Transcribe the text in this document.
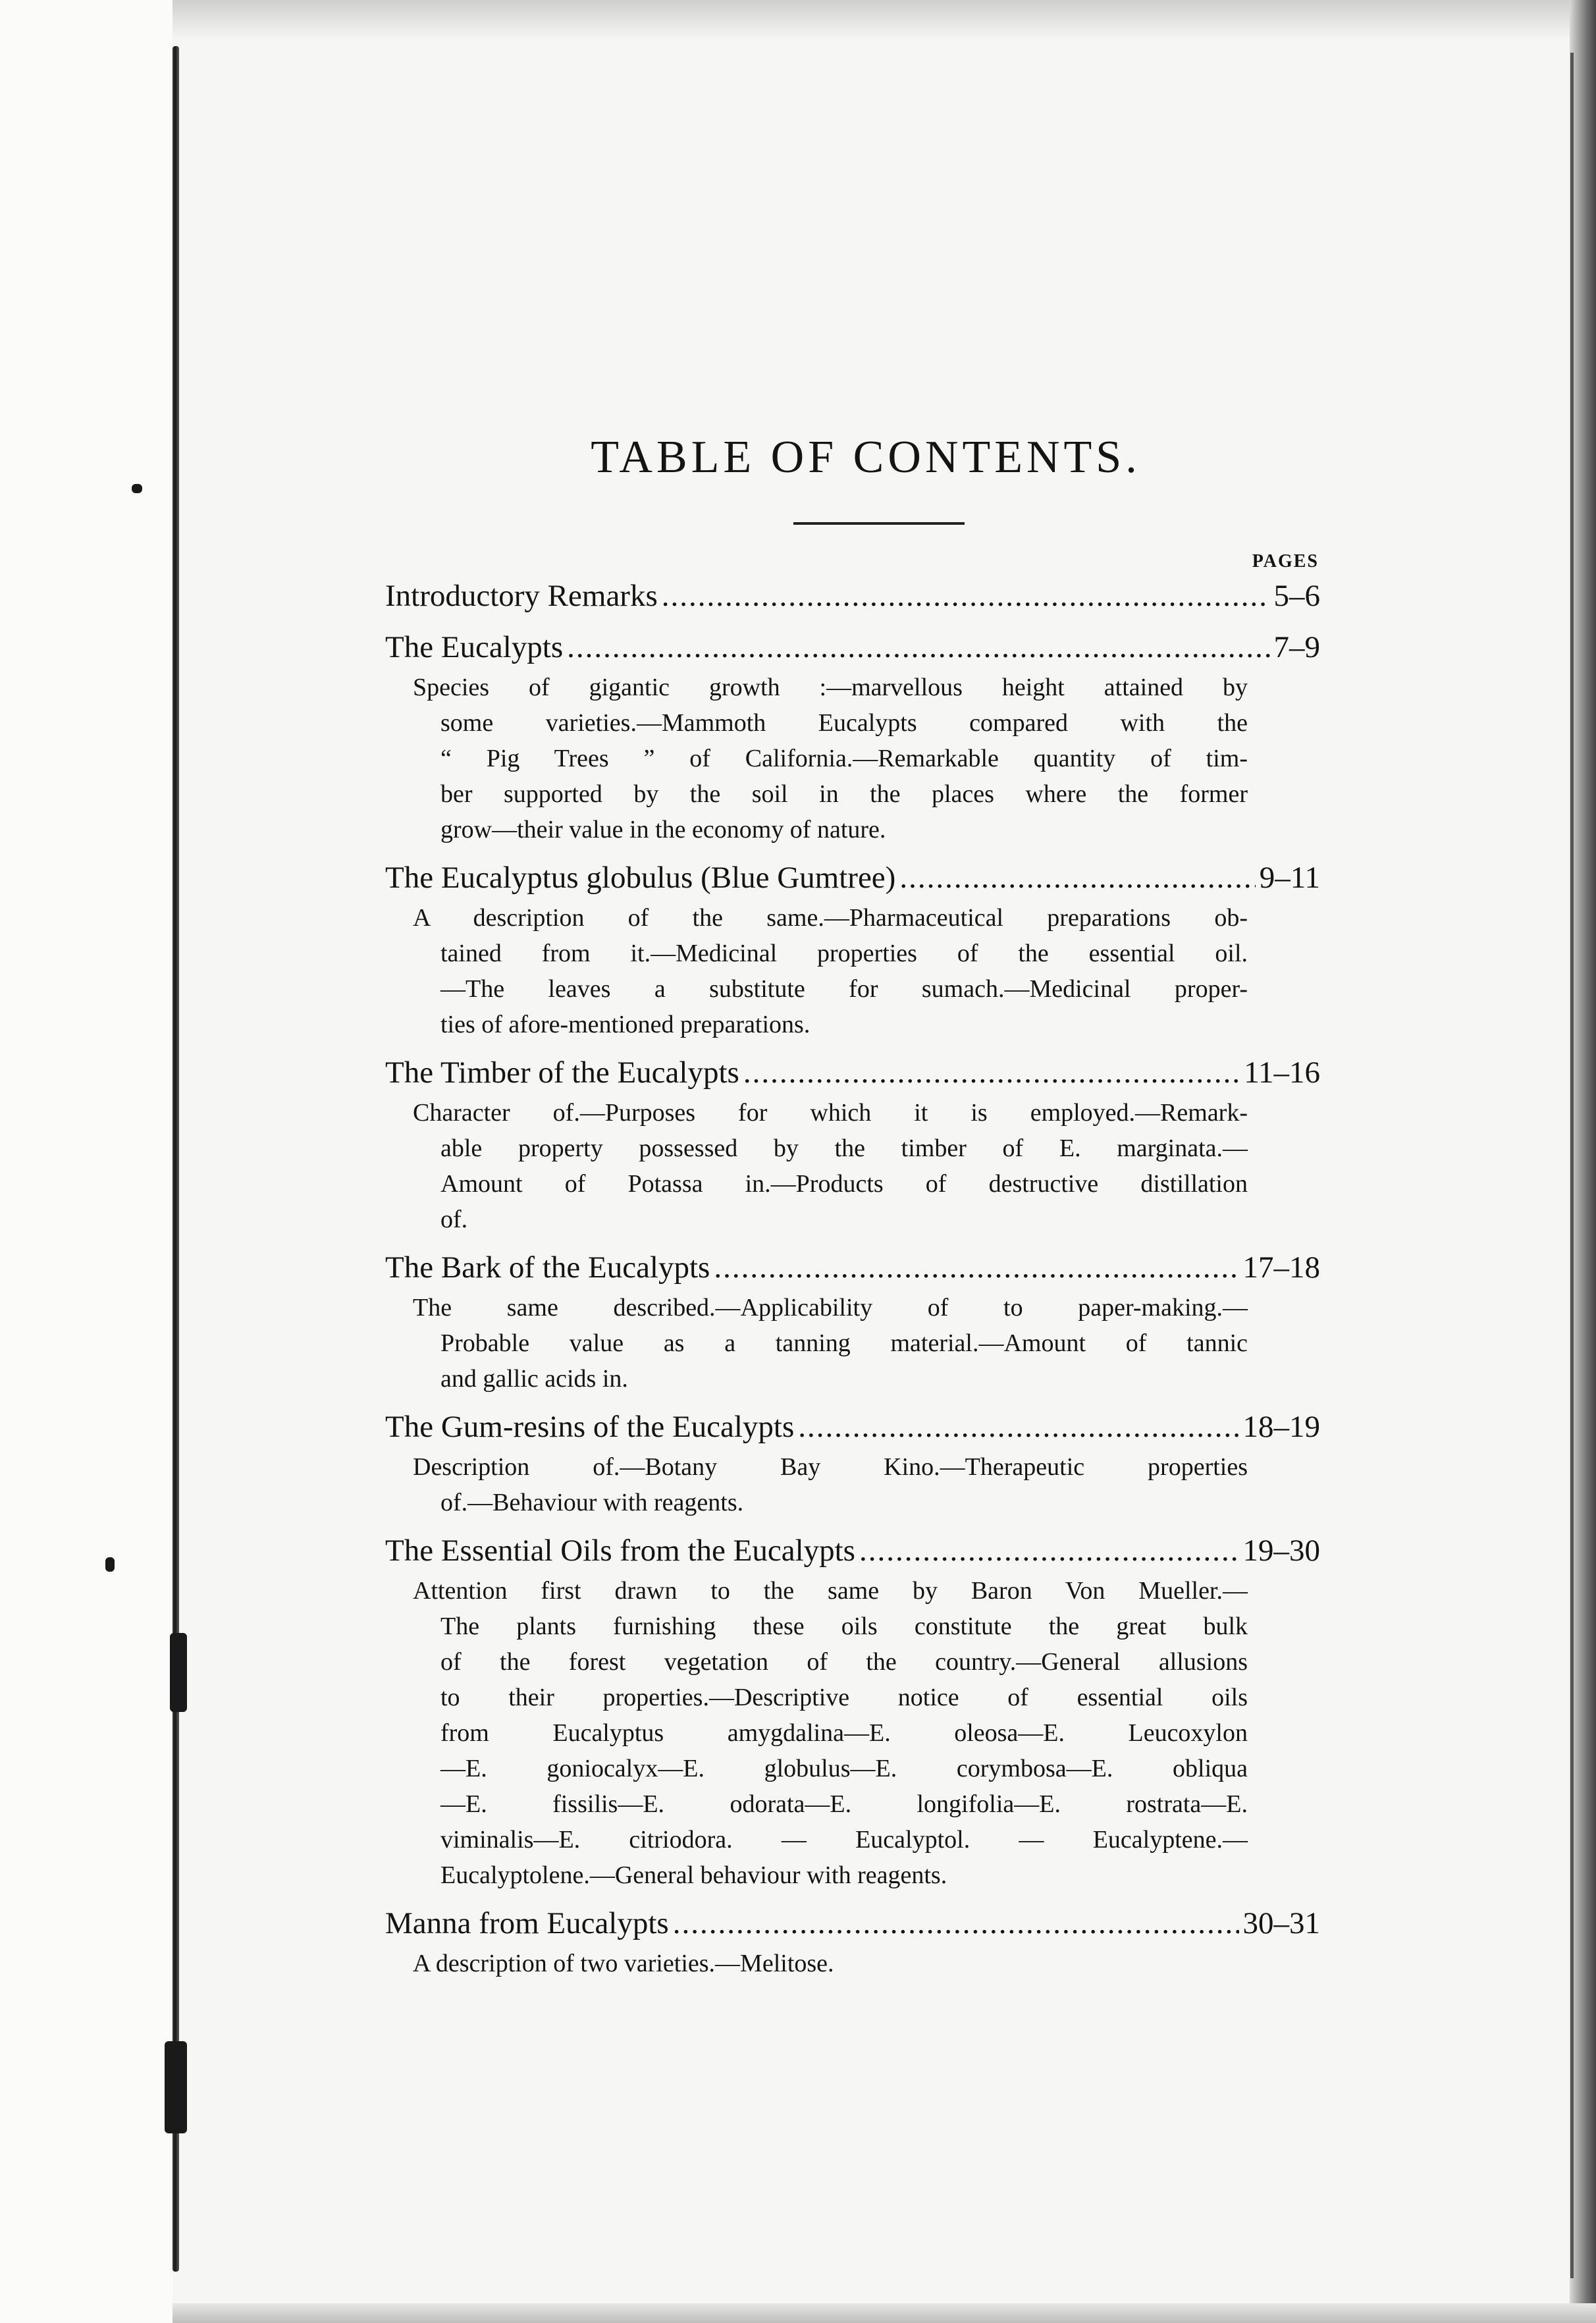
TABLE OF CONTENTS.
PAGES
Introductory Remarks .....	5–6
The Eucalypts .....	7–9
Species of gigantic growth :—marvellous height attained by
some varieties.—Mammoth Eucalypts compared with the
“ Pig Trees ” of California.—Remarkable quantity of tim-
ber supported by the soil in the places where the former
grow—their value in the economy of nature.
The Eucalyptus globulus (Blue Gumtree) .....	9–11
A description of the same.—Pharmaceutical preparations ob-
tained from it.—Medicinal properties of the essential oil.
—The leaves a substitute for sumach.—Medicinal proper-
ties of afore-mentioned preparations.
The Timber of the Eucalypts .....	11–16
Character of.—Purposes for which it is employed.—Remark-
able property possessed by the timber of E. marginata.—
Amount of Potassa in.—Products of destructive distillation
of.
The Bark of the Eucalypts .....	17–18
The same described.—Applicability of to paper-making.—
Probable value as a tanning material.—Amount of tannic
and gallic acids in.
The Gum-resins of the Eucalypts .....	18–19
Description of.—Botany Bay Kino.—Therapeutic properties
of.—Behaviour with reagents.
The Essential Oils from the Eucalypts .....	19–30
Attention first drawn to the same by Baron Von Mueller.—
The plants furnishing these oils constitute the great bulk
of the forest vegetation of the country.—General allusions
to their properties.—Descriptive notice of essential oils
from Eucalyptus amygdalina—E. oleosa—E. Leucoxylon
—E. goniocalyx—E. globulus—E. corymbosa—E. obliqua
—E. fissilis—E. odorata—E. longifolia—E. rostrata—E.
viminalis—E. citriodora. — Eucalyptol. — Eucalyptene.—
Eucalyptolene.—General behaviour with reagents.
Manna from Eucalypts .....	30–31
A description of two varieties.—Melitose.
